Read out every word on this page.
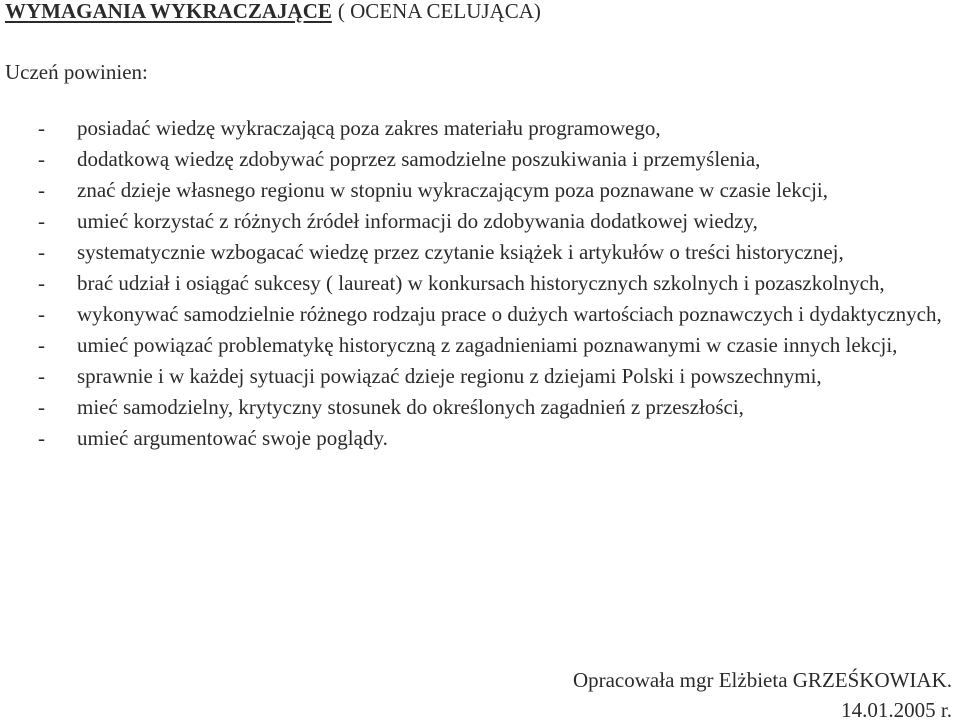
WYMAGANIA WYKRACZAJĄCE ( OCENA CELUJĄCA)
Uczeń powinien:
- posiadać wiedzę wykraczającą poza zakres materiału programowego,
- dodatkową wiedzę zdobywać poprzez samodzielne poszukiwania i przemyślenia,
- znać dzieje własnego regionu w stopniu wykraczającym poza poznawane w czasie lekcji,
- umieć korzystać z różnych źródeł informacji do zdobywania dodatkowej wiedzy,
- systematycznie wzbogacać wiedzę przez czytanie książek i artykułów o treści historycznej,
- brać udział i osiągać sukcesy ( laureat) w konkursach historycznych szkolnych i pozaszkolnych,
- wykonywać samodzielnie różnego rodzaju prace o dużych wartościach poznawczych i dydaktycznych,
- umieć powiązać problematykę historyczną z zagadnieniami poznawanymi w czasie innych lekcji,
- sprawnie i w każdej sytuacji powiązać dzieje regionu z dziejami Polski i powszechnymi,
- mieć samodzielny, krytyczny stosunek do określonych zagadnień z przeszłości,
- umieć argumentować swoje poglądy.
Opracowała mgr Elżbieta GRZEŚKOWIAK.
14.01.2005 r.
